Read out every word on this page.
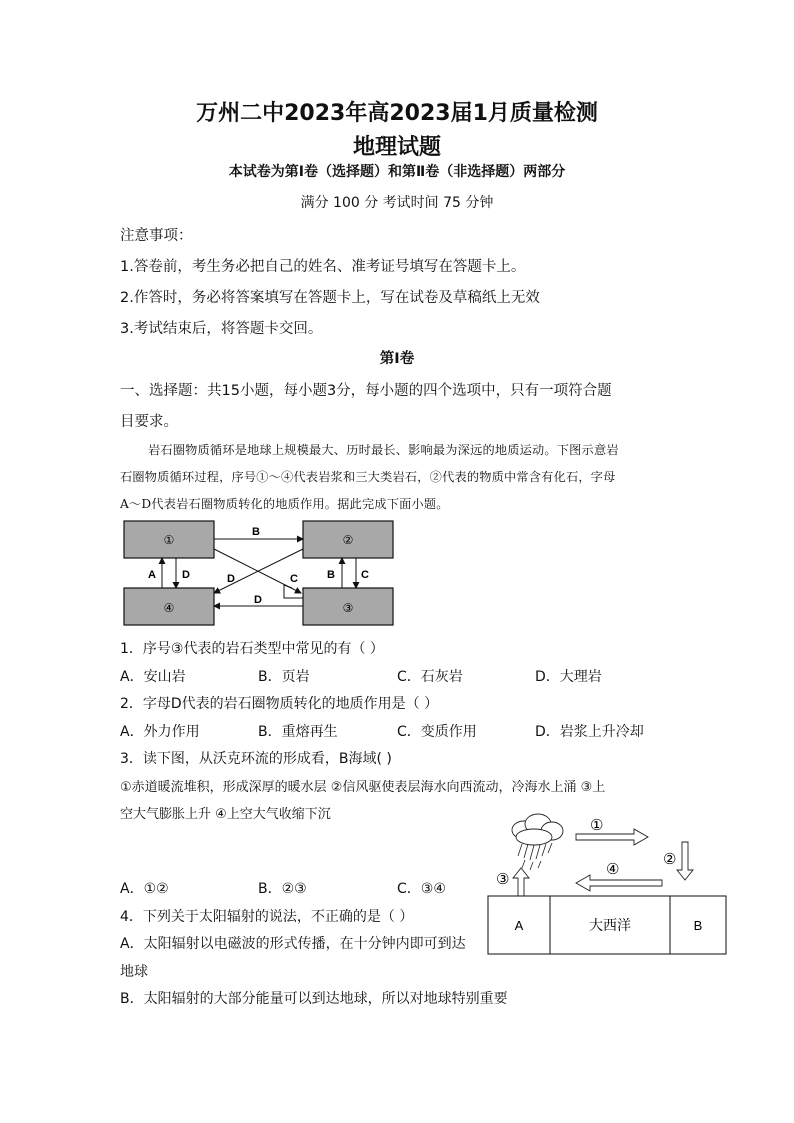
万州二中2023年高2023届1月质量检测
地理试题
本试卷为第Ⅰ卷（选择题）和第Ⅱ卷（非选择题）两部分
满分 100 分 考试时间 75 分钟
注意事项：
1.答卷前，考生务必把自己的姓名、准考证号填写在答题卡上。
2.作答时，务必将答案填写在答题卡上，写在试卷及草稿纸上无效
3.考试结束后，将答题卡交回。
第Ⅰ卷
一、选择题：共15小题，每小题3分，每小题的四个选项中，只有一项符合题
目要求。
岩石圈物质循环是地球上规模最大、历时最长、影响最为深远的地质运动。下图示意岩
石圈物质循环过程，序号①～④代表岩浆和三大类岩石，②代表的物质中常含有化石，字母
A～D代表岩石圈物质转化的地质作用。据此完成下面小题。
①	②
④	③
B
A D	D	C	B C
D
1．序号③代表的岩石类型中常见的有（ ）
A．安山岩	B．页岩	C．石灰岩	D．大理岩
2．字母D代表的岩石圈物质转化的地质作用是（ ）
A．外力作用	B．重熔再生	C．变质作用	D．岩浆上升冷却
3．读下图，从沃克环流的形成看，B海域( )
①赤道暖流堆积，形成深厚的暖水层 ②信风驱使表层海水向西流动，冷海水上涌 ③上
空大气膨胀上升 ④上空大气收缩下沉
A．①②	B．②③	C．③④
①
②
④
③
A	大西洋	B
4．下列关于太阳辐射的说法，不正确的是（ ）
A．太阳辐射以电磁波的形式传播，在十分钟内即可到达
地球
B．太阳辐射的大部分能量可以到达地球，所以对地球特别重要
